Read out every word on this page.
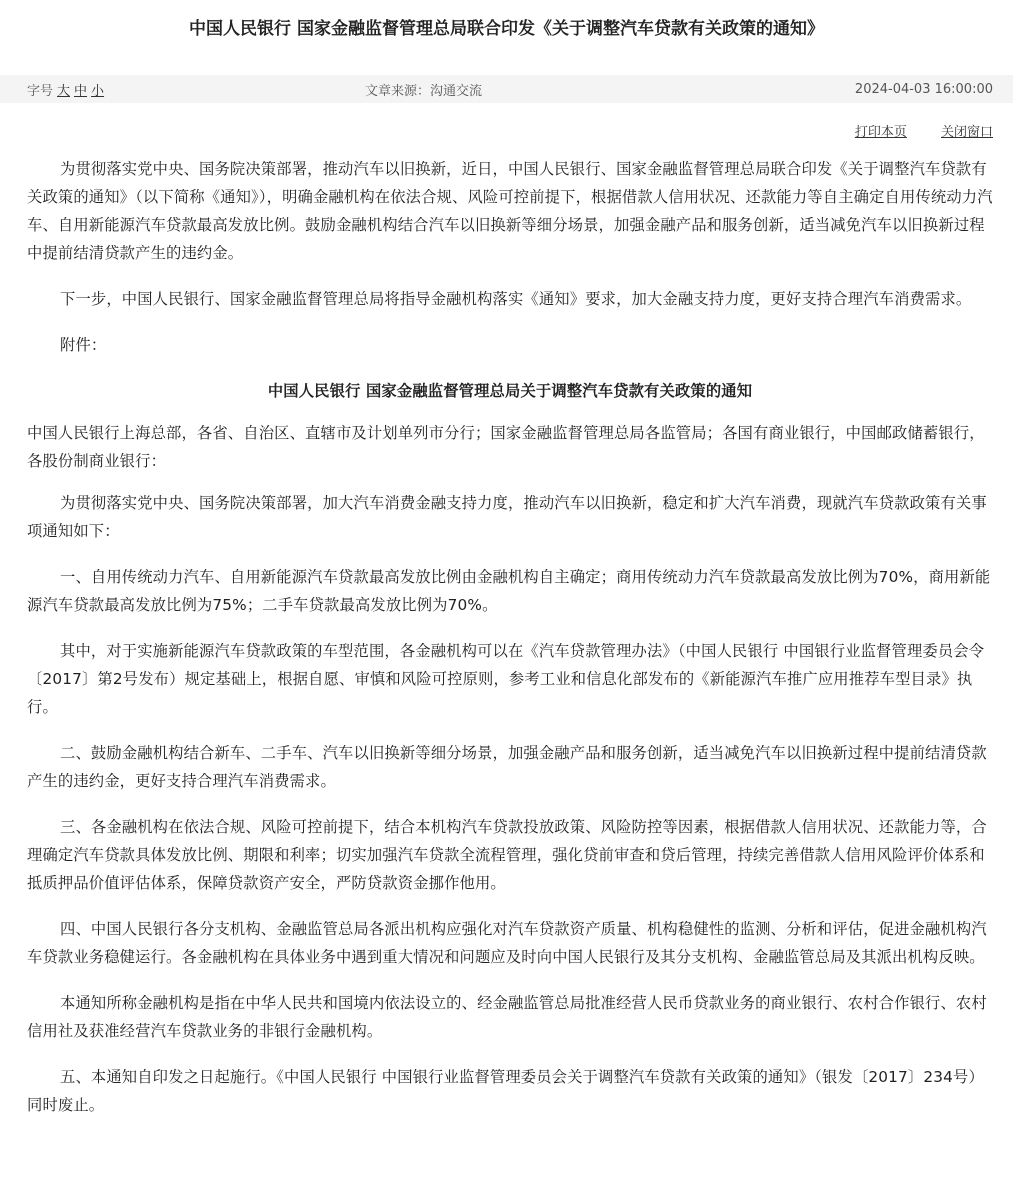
中国人民银行 国家金融监督管理总局联合印发《关于调整汽车贷款有关政策的通知》
字号 大 中 小	文章来源：沟通交流	2024-04-03 16:00:00
打印本页	关闭窗口

为贯彻落实党中央、国务院决策部署，推动汽车以旧换新，近日，中国人民银行、国家金融监督管理总局联合印发《关于调整汽车贷款有关政策的通知》（以下简称《通知》），明确金融机构在依法合规、风险可控前提下，根据借款人信用状况、还款能力等自主确定自用传统动力汽车、自用新能源汽车贷款最高发放比例。鼓励金融机构结合汽车以旧换新等细分场景，加强金融产品和服务创新，适当减免汽车以旧换新过程中提前结清贷款产生的违约金。

下一步，中国人民银行、国家金融监督管理总局将指导金融机构落实《通知》要求，加大金融支持力度，更好支持合理汽车消费需求。

附件：

中国人民银行 国家金融监督管理总局关于调整汽车贷款有关政策的通知

中国人民银行上海总部，各省、自治区、直辖市及计划单列市分行；国家金融监督管理总局各监管局；各国有商业银行，中国邮政储蓄银行，各股份制商业银行：

为贯彻落实党中央、国务院决策部署，加大汽车消费金融支持力度，推动汽车以旧换新，稳定和扩大汽车消费，现就汽车贷款政策有关事项通知如下：

一、自用传统动力汽车、自用新能源汽车贷款最高发放比例由金融机构自主确定；商用传统动力汽车贷款最高发放比例为70%，商用新能源汽车贷款最高发放比例为75%；二手车贷款最高发放比例为70%。

其中，对于实施新能源汽车贷款政策的车型范围，各金融机构可以在《汽车贷款管理办法》（中国人民银行 中国银行业监督管理委员会令〔2017〕第2号发布）规定基础上，根据自愿、审慎和风险可控原则，参考工业和信息化部发布的《新能源汽车推广应用推荐车型目录》执行。

二、鼓励金融机构结合新车、二手车、汽车以旧换新等细分场景，加强金融产品和服务创新，适当减免汽车以旧换新过程中提前结清贷款产生的违约金，更好支持合理汽车消费需求。

三、各金融机构在依法合规、风险可控前提下，结合本机构汽车贷款投放政策、风险防控等因素，根据借款人信用状况、还款能力等，合理确定汽车贷款具体发放比例、期限和利率；切实加强汽车贷款全流程管理，强化贷前审查和贷后管理，持续完善借款人信用风险评价体系和抵质押品价值评估体系，保障贷款资产安全，严防贷款资金挪作他用。

四、中国人民银行各分支机构、金融监管总局各派出机构应强化对汽车贷款资产质量、机构稳健性的监测、分析和评估，促进金融机构汽车贷款业务稳健运行。各金融机构在具体业务中遇到重大情况和问题应及时向中国人民银行及其分支机构、金融监管总局及其派出机构反映。

本通知所称金融机构是指在中华人民共和国境内依法设立的、经金融监管总局批准经营人民币贷款业务的商业银行、农村合作银行、农村信用社及获准经营汽车贷款业务的非银行金融机构。

五、本通知自印发之日起施行。《中国人民银行 中国银行业监督管理委员会关于调整汽车贷款有关政策的通知》（银发〔2017〕234号）同时废止。
